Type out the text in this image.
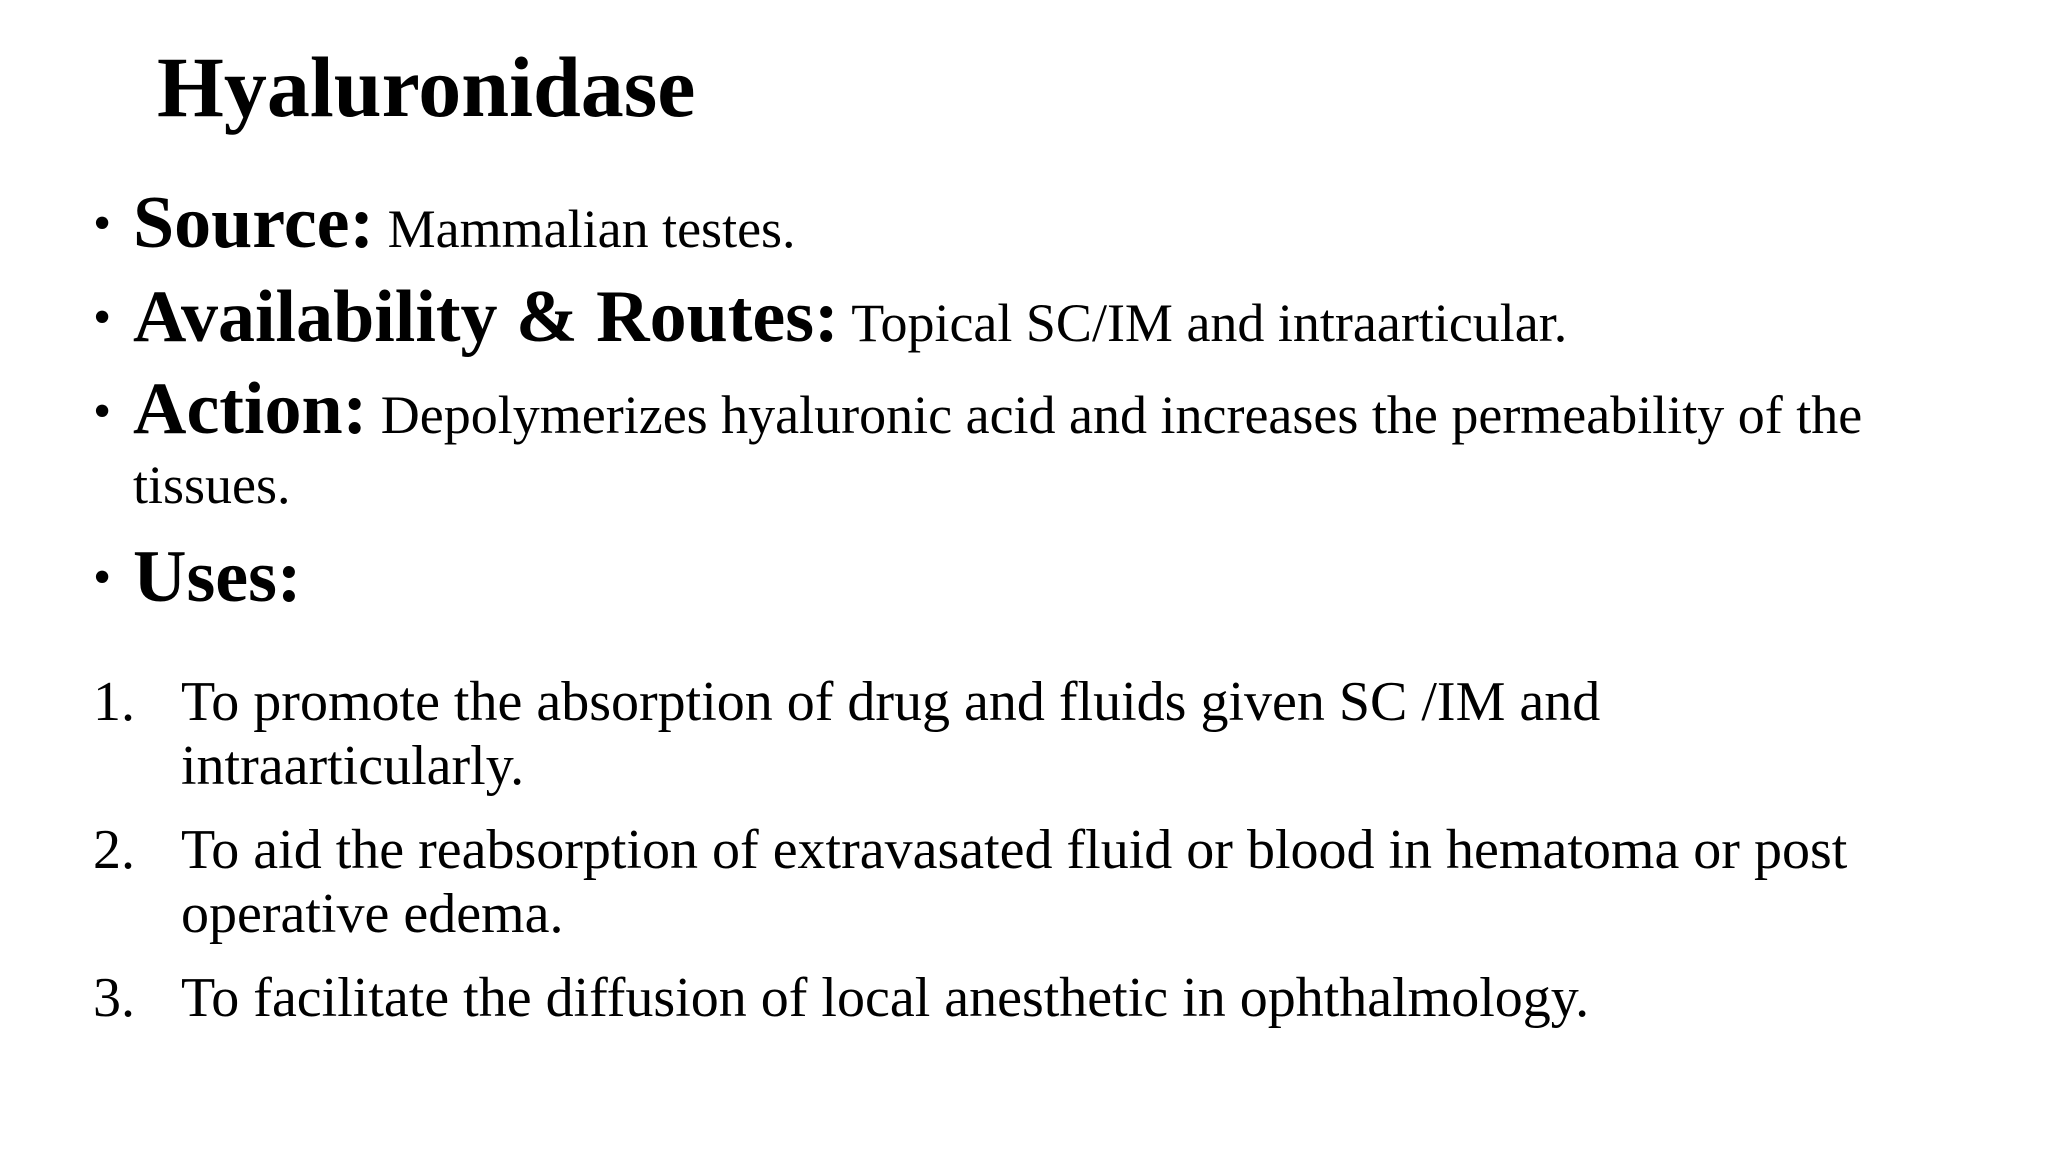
Hyaluronidase
• Source: Mammalian testes.
• Availability & Routes: Topical SC/IM and intraarticular.
• Action: Depolymerizes hyaluronic acid and increases the permeability of the tissues.
• Uses:
1. To promote the absorption of drug and fluids given SC /IM and intraarticularly.
2. To aid the reabsorption of extravasated fluid or blood in hematoma or post operative edema.
3. To facilitate the diffusion of local anesthetic in ophthalmology.
